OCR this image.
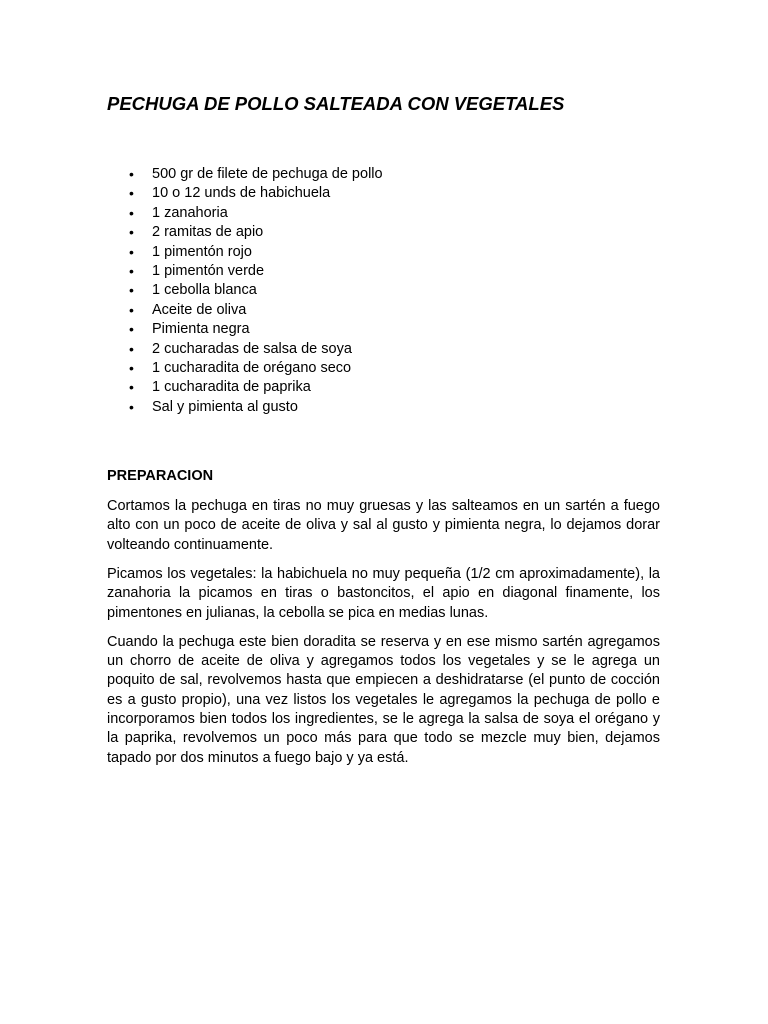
PECHUGA DE POLLO SALTEADA CON VEGETALES
• 500 gr de filete de pechuga de pollo
• 10 o 12 unds de habichuela
• 1 zanahoria
• 2 ramitas de apio
• 1 pimentón rojo
• 1 pimentón verde
• 1 cebolla blanca
• Aceite de oliva
• Pimienta negra
• 2 cucharadas de salsa de soya
• 1 cucharadita de orégano seco
• 1 cucharadita de paprika
• Sal y pimienta al gusto
PREPARACION

Cortamos la pechuga en tiras no muy gruesas y las salteamos en un sartén a fuego alto con un poco de aceite de oliva y sal al gusto y pimienta negra, lo dejamos dorar volteando continuamente.

Picamos los vegetales: la habichuela no muy pequeña (1/2 cm aproximadamente), la zanahoria la picamos en tiras o bastoncitos, el apio en diagonal finamente, los pimentones en julianas, la cebolla se pica en medias lunas.

Cuando la pechuga este bien doradita se reserva y en ese mismo sartén agregamos un chorro de aceite de oliva y agregamos todos los vegetales y se le agrega un poquito de sal, revolvemos hasta que empiecen a deshidratarse (el punto de cocción es a gusto propio), una vez listos los vegetales le agregamos la pechuga de pollo e incorporamos bien todos los ingredientes, se le agrega la salsa de soya el orégano y la paprika, revolvemos un poco más para que todo se mezcle muy bien, dejamos tapado por dos minutos a fuego bajo y ya está.
